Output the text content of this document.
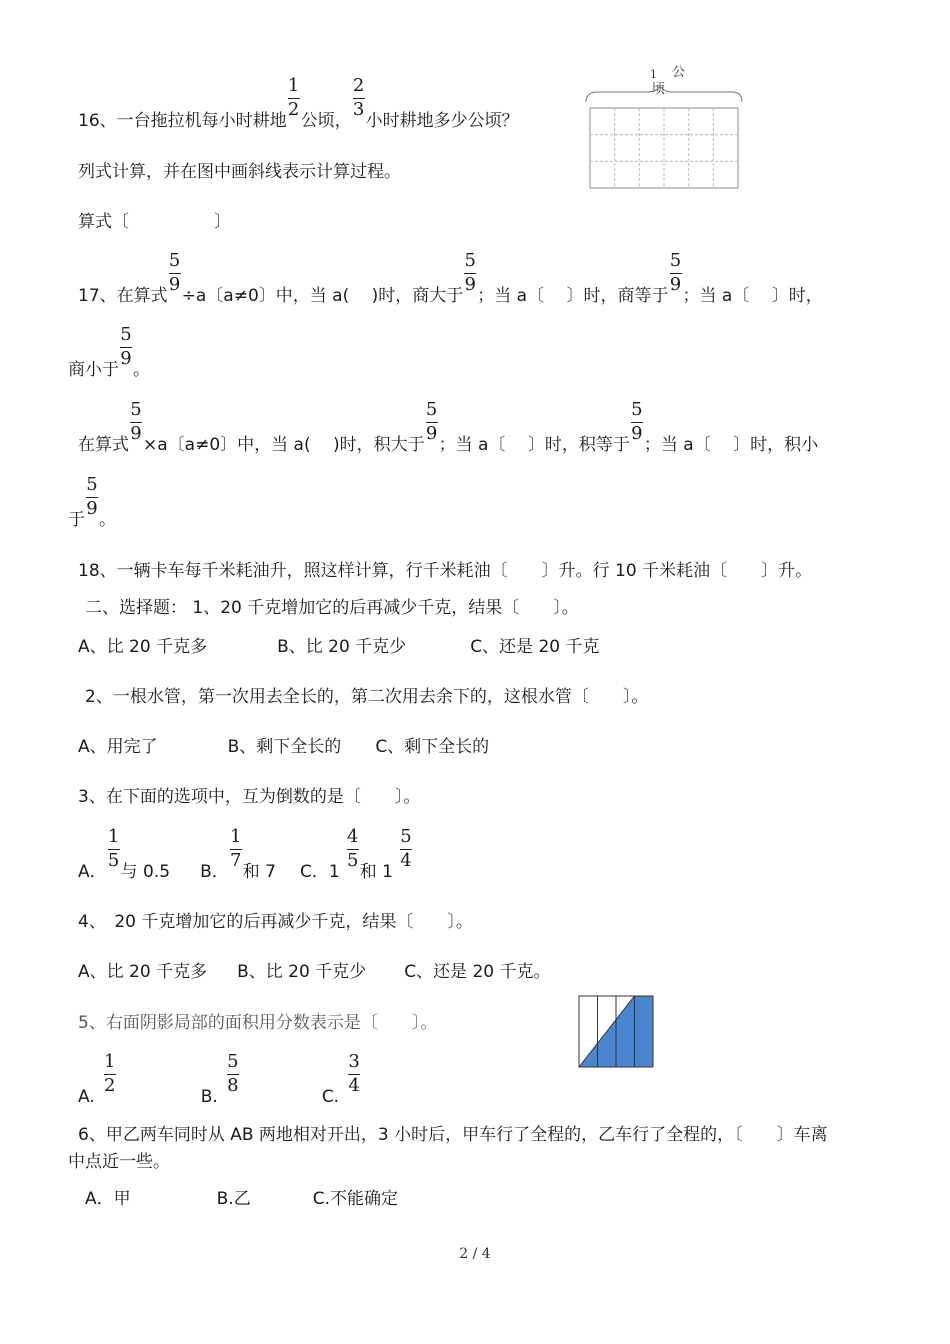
16、一台拖拉机每小时耕地 $\frac{1}{2}$ 公顷， $\frac{2}{3}$ 小时耕地多少公顷？
1 公
顷
列式计算，并在图中画斜线表示计算过程。
算式〔　　　　　〕
17、在算式 $\frac{5}{9} \div a$〔a≠0〕中，当 a(　 )时，商大于 $\frac{5}{9}$ ；当 a〔　 〕时，商等于 $\frac{5}{9}$ ；当 a〔　 〕时，
商小于 $\frac{5}{9}$ 。
在算式 $\frac{5}{9} \times a$〔a≠0〕中，当 a(　 )时，积大于 $\frac{5}{9}$ ；当 a〔　 〕时，积等于 $\frac{5}{9}$ ；当 a〔　 〕时，积小
于 $\frac{5}{9}$ 。
18、一辆卡车每千米耗油升，照这样计算，行千米耗油〔　　〕升。行 10 千米耗油〔　　〕升。
二、选择题： 1、20 千克增加它的后再减少千克，结果〔　　〕。
A、比 20 千克多	B、比 20 千克少	C、还是 20 千克
2、一根水管，第一次用去全长的，第二次用去余下的，这根水管〔　　〕。
A、用完了	B、剩下全长的 C、剩下全长的
3、在下面的选项中，互为倒数的是〔　　〕。
A． $\frac{1}{5}$ 与 0.5 B． $\frac{1}{7}$ 和 7 C．$1 \frac{4}{5}$ 和 $1 \frac{5}{4}$
4、　20 千克增加它的后再减少千克，结果〔　　〕。
A、比 20 千克多 B、比 20 千克少 C、还是 20 千克。
5、右面阴影局部的面积用分数表示是〔　　〕。
A. $\frac{1}{2}$	B. $\frac{5}{8}$	C. $\frac{3}{4}$
6、甲乙两车同时从 AB 两地相对开出，3 小时后，甲车行了全程的，乙车行了全程的，〔　　〕车离
中点近一些。
A．甲	B.乙	C.不能确定
2 / 4
